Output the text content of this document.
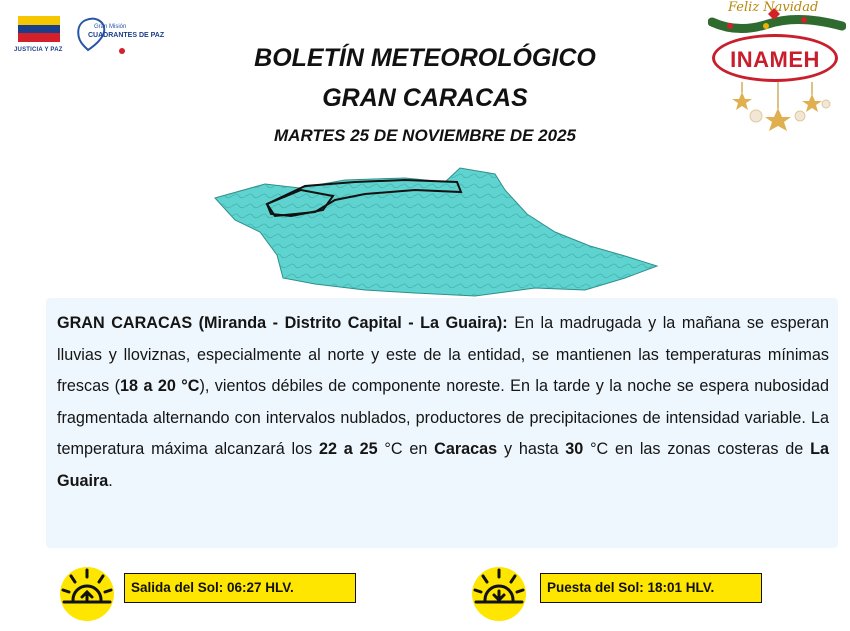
JUSTICIA Y PAZ
Gran Misión
CUADRANTES DE PAZ
BOLETÍN METEOROLÓGICO
GRAN CARACAS
MARTES 25 DE NOVIEMBRE DE 2025
Feliz Navidad
INAMEH
GRAN CARACAS (Miranda - Distrito Capital - La Guaira): En la madrugada y la mañana se esperan lluvias y lloviznas, especialmente al norte y este de la entidad, se mantienen las temperaturas mínimas frescas (18 a 20 °C), vientos débiles de componente noreste. En la tarde y la noche se espera nubosidad fragmentada alternando con intervalos nublados, productores de precipitaciones de intensidad variable. La temperatura máxima alcanzará los 22 a 25 °C en Caracas y hasta 30 °C en las zonas costeras de La Guaira.
Salida del Sol: 06:27 HLV.	Puesta del Sol: 18:01 HLV.
